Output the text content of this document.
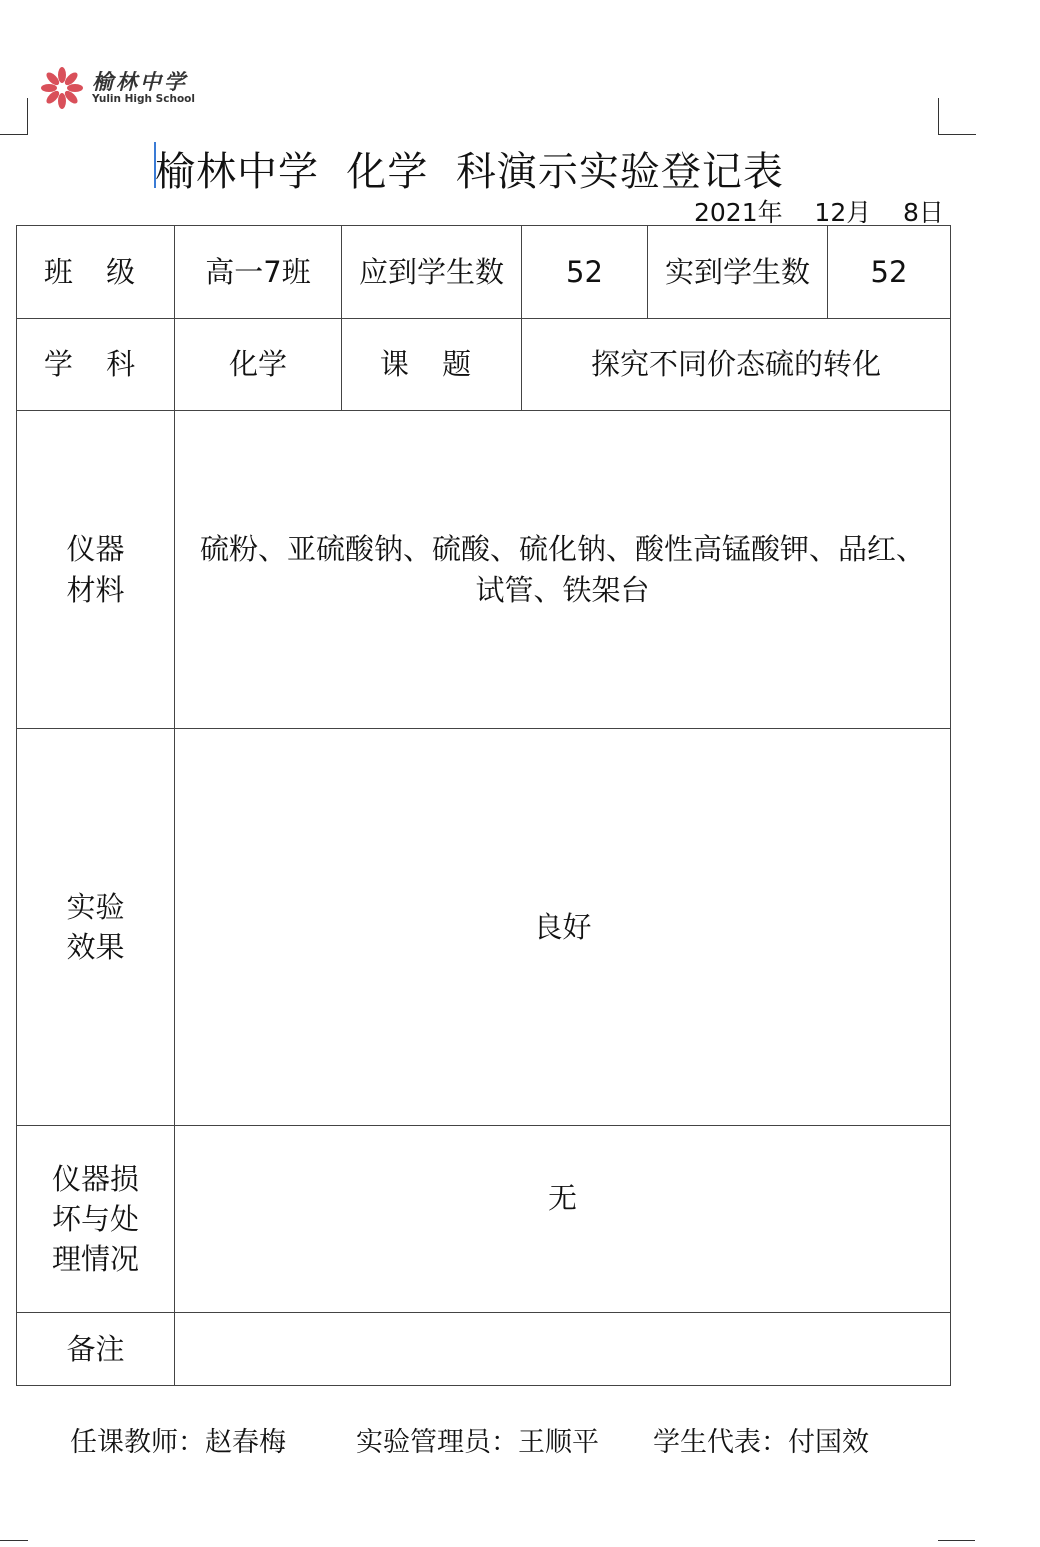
榆林中学
Yulin High School
榆林中学  化学  科演示实验登记表
2021年 12月 8日
班 级	高一7班	应到学生数	52	实到学生数	52
学 科	化学	课 题	探究不同价态硫的转化		
仪器
材料	硫粉、亚硫酸钠、硫酸、硫化钠、酸性高锰酸钾、品红、试管、铁架台				
实验
效果	良好				
仪器损
坏与处
理情况	无				
备注					
任课教师：赵春梅	实验管理员：王顺平 学生代表：付国效
